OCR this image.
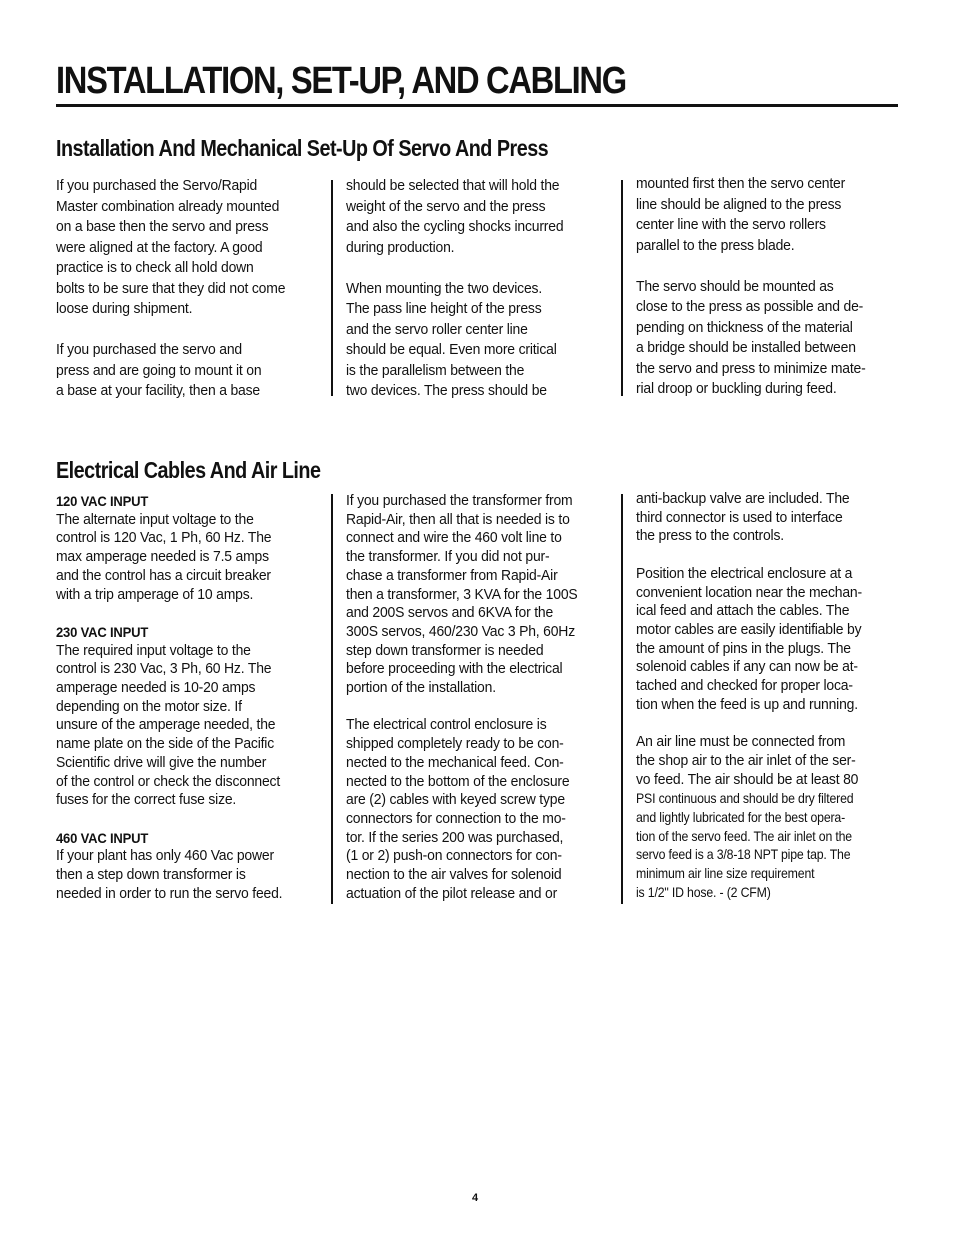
INSTALLATION, SET-UP, AND CABLING
Installation And Mechanical Set-Up Of Servo And Press

If you purchased the Servo/Rapid

Master combination already mounted

on a base then the servo and press

were aligned at the factory. A good

practice is to check all hold down

bolts to be sure that they did not come

loose during shipment.

If you purchased the servo and

press and are going to mount it on

a base at your facility, then a base

should be selected that will hold the

weight of the servo and the press

and also the cycling shocks incurred

during production.

When mounting the two devices.

The pass line height of the press

and the servo roller center line

should be equal. Even more critical

is the parallelism between the

two devices. The press should be

mounted first then the servo center

line should be aligned to the press

center line with the servo rollers

parallel to the press blade.

The servo should be mounted as

close to the press as possible and de-

pending on thickness of the material

a bridge should be installed between

the servo and press to minimize mate-

rial droop or buckling during feed.

Electrical Cables And Air Line

120 VAC INPUT

The alternate input voltage to the

control is 120 Vac, 1 Ph, 60 Hz. The

max amperage needed is 7.5 amps

and the control has a circuit breaker

with a trip amperage of 10 amps.

230 VAC INPUT

The required input voltage to the

control is 230 Vac, 3 Ph, 60 Hz. The

amperage needed is 10-20 amps

depending on the motor size. If

unsure of the amperage needed, the

name plate on the side of the Pacific

Scientific drive will give the number

of the control or check the disconnect

fuses for the correct fuse size.

460 VAC INPUT

If your plant has only 460 Vac power

then a step down transformer is

needed in order to run the servo feed.

If you purchased the transformer from

Rapid-Air, then all that is needed is to

connect and wire the 460 volt line to

the transformer. If you did not pur-

chase a transformer from Rapid-Air

then a transformer, 3 KVA for the 100S

and 200S servos and 6KVA for the

300S servos, 460/230 Vac 3 Ph, 60Hz

step down transformer is needed

before proceeding with the electrical

portion of the installation.

The electrical control enclosure is

shipped completely ready to be con-

nected to the mechanical feed. Con-

nected to the bottom of the enclosure

are (2) cables with keyed screw type

connectors for connection to the mo-

tor. If the series 200 was purchased,

(1 or 2) push-on connectors for con-

nection to the air valves for solenoid

actuation of the pilot release and or

anti-backup valve are included. The

third connector is used to interface

the press to the controls.

Position the electrical enclosure at a

convenient location near the mechan-

ical feed and attach the cables. The

motor cables are easily identifiable by

the amount of pins in the plugs. The

solenoid cables if any can now be at-

tached and checked for proper loca-

tion when the feed is up and running.

An air line must be connected from

the shop air to the air inlet of the ser-

vo feed. The air should be at least 80

PSI continuous and should be dry filtered

and lightly lubricated for the best opera-

tion of the servo feed. The air inlet on the

servo feed is a 3/8-18 NPT pipe tap. The

minimum air line size requirement

is 1/2" ID hose. - (2 CFM)

4
